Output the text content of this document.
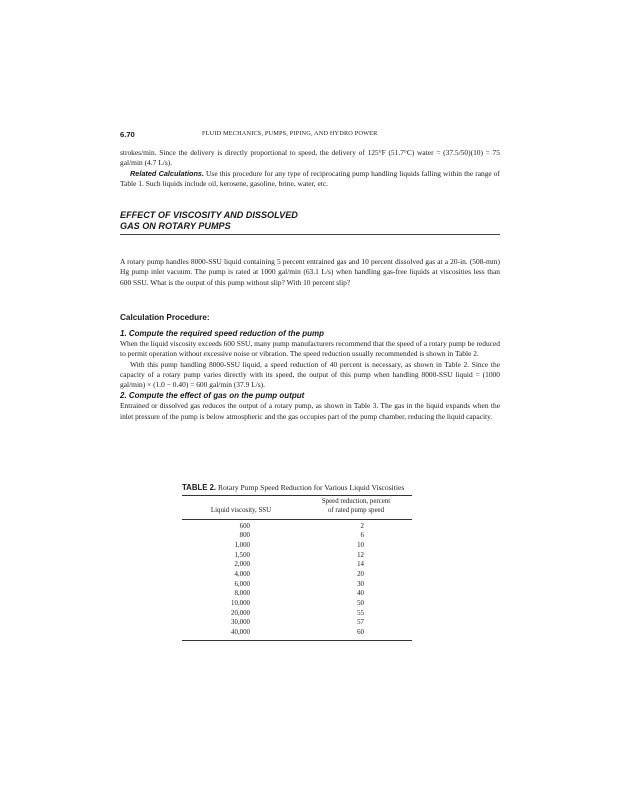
6.70	FLUID MECHANICS, PUMPS, PIPING, AND HYDRO POWER

strokes/min. Since the delivery is directly proportional to speed, the delivery of 125°F (51.7°C) water = (37.5/50)(10) = 75 gal/min (4.7 L/s).

Related Calculations. Use this procedure for any type of reciprocating pump handling liquids falling within the range of Table 1. Such liquids include oil, kerosene, gasoline, brine, water, etc.

EFFECT OF VISCOSITY AND DISSOLVED
GAS ON ROTARY PUMPS

A rotary pump handles 8000-SSU liquid containing 5 percent entrained gas and 10 percent dissolved gas at a 20-in. (508-mm) Hg pump inlet vacuum. The pump is rated at 1000 gal/min (63.1 L/s) when handling gas-free liquids at viscosities less than 600 SSU. What is the output of this pump without slip? With 10 percent slip?

Calculation Procedure:

1. Compute the required speed reduction of the pump

When the liquid viscosity exceeds 600 SSU, many pump manufacturers recommend that the speed of a rotary pump be reduced to permit operation without excessive noise or vibration. The speed reduction usually recommended is shown in Table 2.

With this pump handling 8000-SSU liquid, a speed reduction of 40 percent is necessary, as shown in Table 2. Since the capacity of a rotary pump varies directly with its speed, the output of this pump when handling 8000-SSU liquid = (1000 gal/min) × (1.0 − 0.40) = 600 gal/min (37.9 L/s).

2. Compute the effect of gas on the pump output

Entrained or dissolved gas reduces the output of a rotary pump, as shown in Table 3. The gas in the liquid expands when the inlet pressure of the pump is below atmospheric and the gas occupies part of the pump chamber, reducing the liquid capacity.

TABLE 2. Rotary Pump Speed Reduction for Various Liquid Viscosities
Liquid viscosity, SSU	Speed reduction, percent
of rated pump speed
600	2
800	6
1,000	10
1,500	12
2,000	14
4,000	20
6,000	30
8,000	40
10,000	50
20,000	55
30,000	57
40,000	60
